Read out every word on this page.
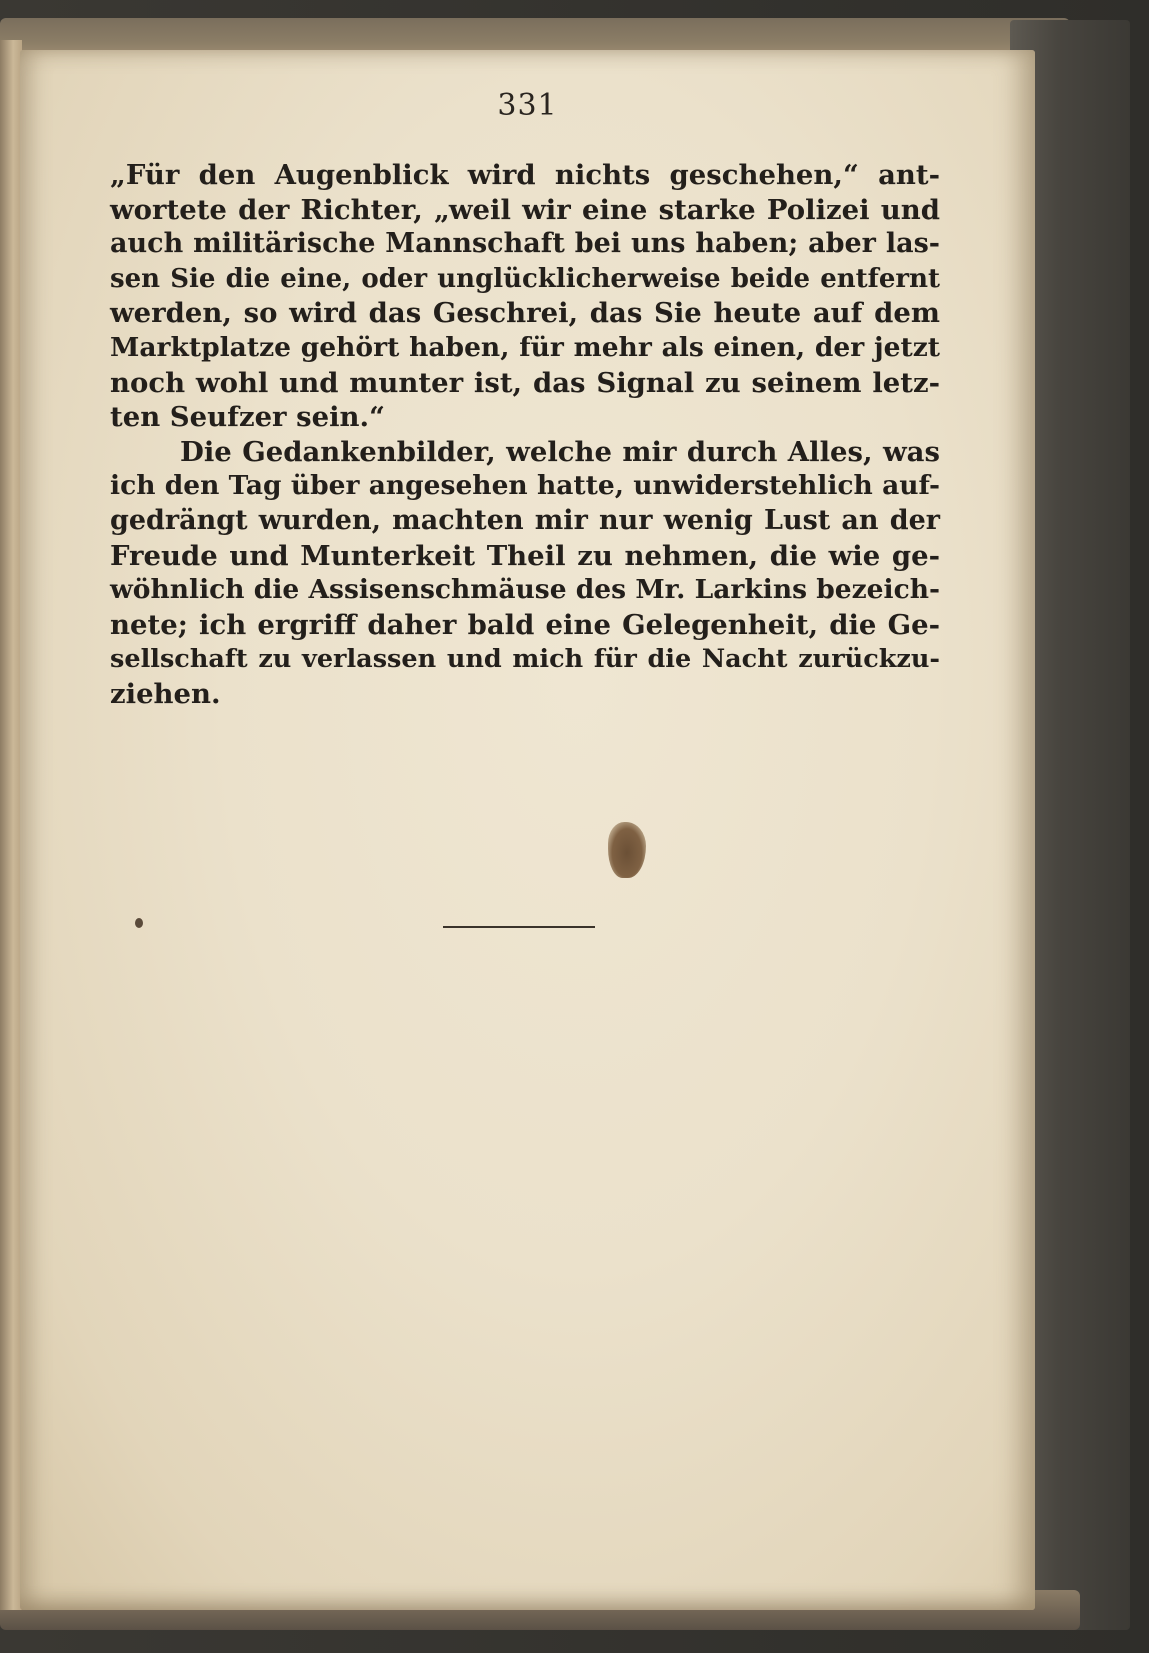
331
„Für den Augenblick wird nichts geschehen,“ ant-
wortete der Richter, „weil wir eine starke Polizei und
auch militärische Mannschaft bei uns haben; aber las-
sen Sie die eine, oder unglücklicherweise beide entfernt
werden, so wird das Geschrei, das Sie heute auf dem
Marktplatze gehört haben, für mehr als einen, der jetzt
noch wohl und munter ist, das Signal zu seinem letz-
ten Seufzer sein.“
Die Gedankenbilder, welche mir durch Alles, was
ich den Tag über angesehen hatte, unwiderstehlich auf-
gedrängt wurden, machten mir nur wenig Lust an der
Freude und Munterkeit Theil zu nehmen, die wie ge-
wöhnlich die Assisenschmäuse des Mr. Larkins bezeich-
nete; ich ergriff daher bald eine Gelegenheit, die Ge-
sellschaft zu verlassen und mich für die Nacht zurückzu-
ziehen.
